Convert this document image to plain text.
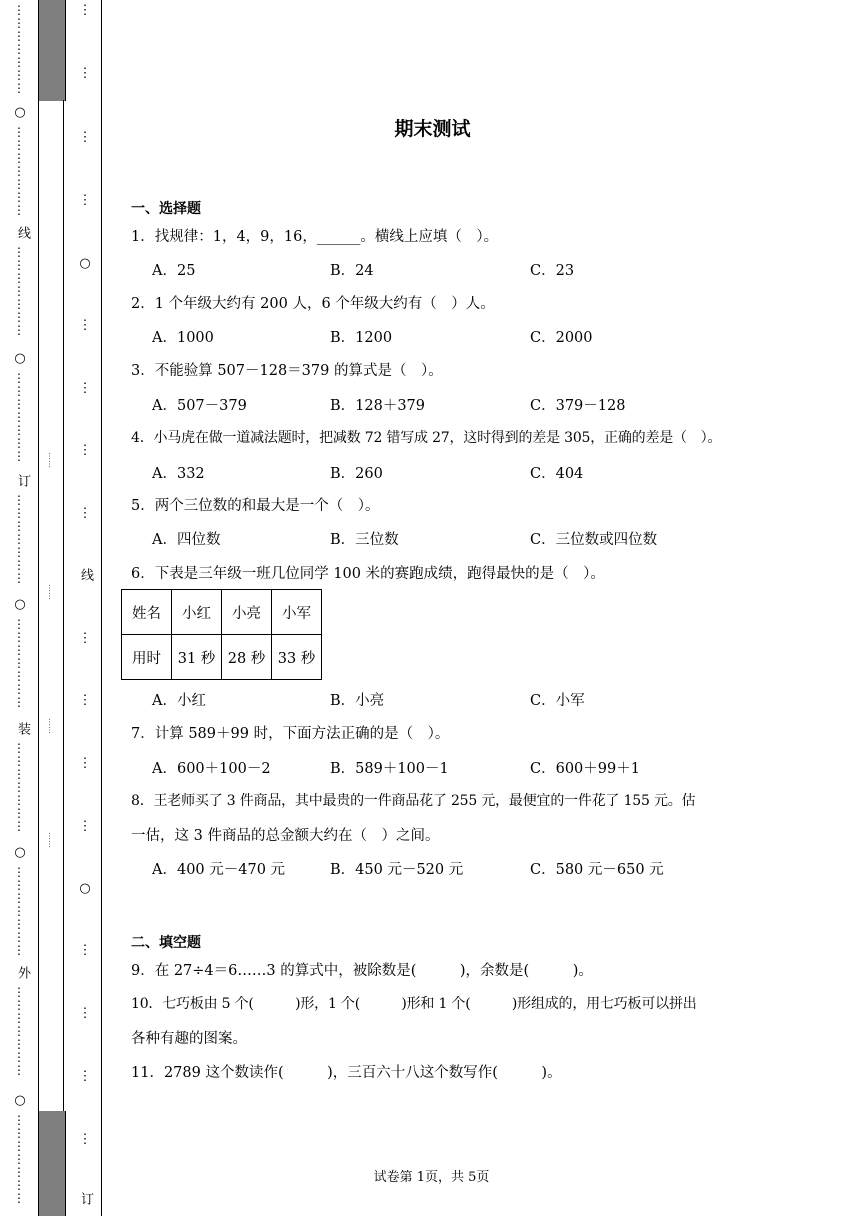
⋮
⋮
⋮
⋮
⋮
⋮
⋮
○
⋮
⋮
⋮
⋮
⋮
⋮
⋮
线
⋮
⋮
⋮
⋮
⋮
⋮
⋮
○
⋮
⋮
⋮
⋮
⋮
⋮
⋮
订
⋮
⋮
⋮
⋮
⋮
⋮
⋮
○
⋮
⋮
⋮
⋮
⋮
⋮
⋮
装
⋮
⋮
⋮
⋮
⋮
⋮
⋮
○
⋮
⋮
⋮
⋮
⋮
⋮
⋮
外
⋮
⋮
⋮
⋮
⋮
⋮
⋮
○
⋮
⋮
⋮
⋮
⋮
⋮
⋮
……
……
……
……
⋮
⋮
⋮
⋮
○
⋮
⋮
⋮
⋮
线
⋮
⋮
⋮
⋮
○
⋮
⋮
⋮
⋮
订
期末测试
一、选择题
1．找规律：1，4，9，16，______。横线上应填（　）。
A．25	B．24	C．23
2．1 个年级大约有 200 人，6 个年级大约有（　）人。
A．1000	B．1200	C．2000
3．不能验算 507－128＝379 的算式是（　）。
A．507－379	B．128＋379	C．379－128
4．小马虎在做一道减法题时，把减数 72 错写成 27，这时得到的差是 305，正确的差是（　）。
A．332	B．260	C．404
5．两个三位数的和最大是一个（　）。
A．四位数	B．三位数	C．三位数或四位数
6．下表是三年级一班几位同学 100 米的赛跑成绩，跑得最快的是（　）。
姓名	小红	小亮	小军
用时	31 秒	28 秒	33 秒
A．小红	B．小亮	C．小军
7．计算 589＋99 时，下面方法正确的是（　）。
A．600＋100－2	B．589＋100－1	C．600＋99＋1
8．王老师买了 3 件商品，其中最贵的一件商品花了 255 元，最便宜的一件花了 155 元。估
一估，这 3 件商品的总金额大约在（　）之间。
A．400 元－470 元	B．450 元－520 元	C．580 元－650 元
二、填空题
9．在 27÷4＝6……3 的算式中，被除数是(　　　)，余数是(　　　)。
10．七巧板由 5 个(　　　)形，1 个(　　　)形和 1 个(　　　)形组成的，用七巧板可以拼出
各种有趣的图案。
11．2789 这个数读作(　　　)，三百六十八这个数写作(　　　)。
试卷第 1页，共 5页
